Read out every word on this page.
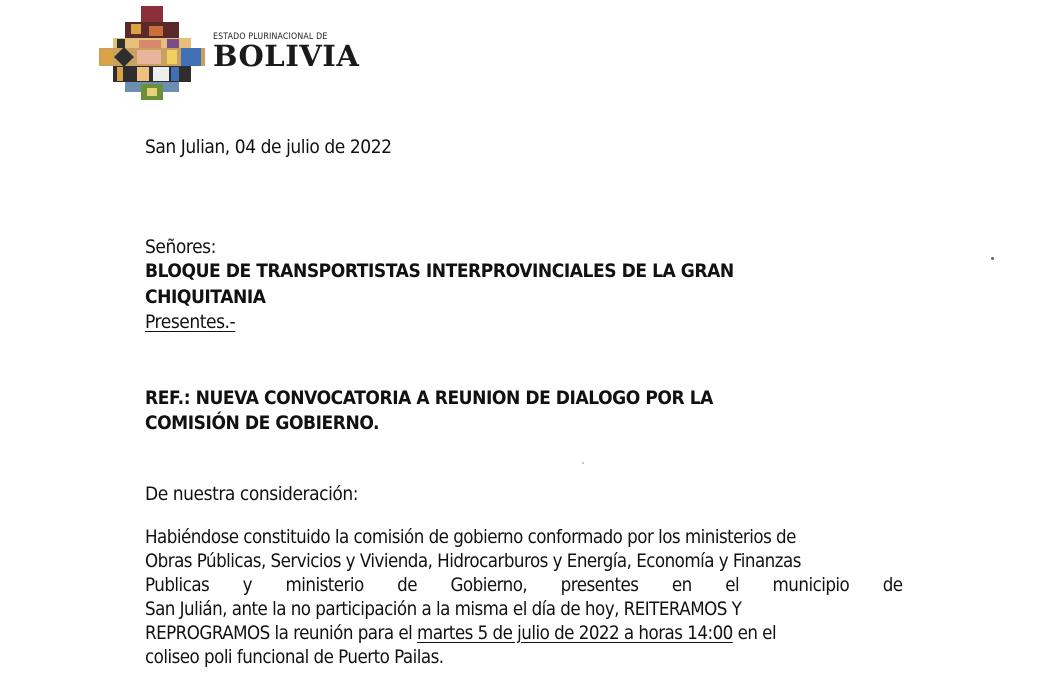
ESTADO PLURINACIONAL DE
BOLIVIA
San Julian, 04 de julio de 2022
Señores:
BLOQUE DE TRANSPORTISTAS INTERPROVINCIALES DE LA GRAN
CHIQUITANIA
Presentes.-
REF.: NUEVA CONVOCATORIA A REUNION DE DIALOGO POR LA
COMISIÓN DE GOBIERNO.
De nuestra consideración:
Habiéndose constituido la comisión de gobierno conformado por los ministerios de
Obras Públicas, Servicios y Vivienda, Hidrocarburos y Energía, Economía y Finanzas
Publicas y ministerio de Gobierno, presentes en el municipio de
San Julián, ante la no participación a la misma el día de hoy, REITERAMOS Y
REPROGRAMOS la reunión para el martes 5 de julio de 2022 a horas 14:00 en el
coliseo poli funcional de Puerto Pailas.
